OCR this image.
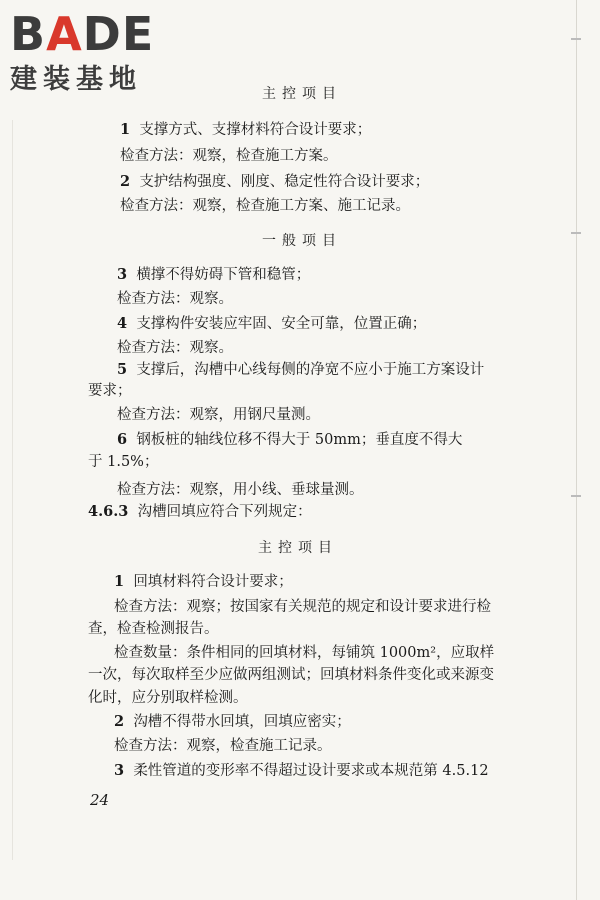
BADE
建装基地	主控项目
1 支撑方式、支撑材料符合设计要求；
检查方法：观察，检查施工方案。
2 支护结构强度、刚度、稳定性符合设计要求；
检查方法：观察，检查施工方案、施工记录。
一般项目
3 横撑不得妨碍下管和稳管；
检查方法：观察。
4 支撑构件安装应牢固、安全可靠，位置正确；
检查方法：观察。
5 支撑后，沟槽中心线每侧的净宽不应小于施工方案设计
要求；
检查方法：观察，用钢尺量测。
6 钢板桩的轴线位移不得大于 50mm；垂直度不得大
于 1.5%；
检查方法：观察，用小线、垂球量测。
4.6.3 沟槽回填应符合下列规定：
主控项目
1 回填材料符合设计要求；
检查方法：观察；按国家有关规范的规定和设计要求进行检
查，检查检测报告。
检查数量：条件相同的回填材料，每铺筑 1000m²，应取样
一次，每次取样至少应做两组测试；回填材料条件变化或来源变
化时，应分别取样检测。
2 沟槽不得带水回填，回填应密实；
检查方法：观察，检查施工记录。
3 柔性管道的变形率不得超过设计要求或本规范第 4.5.12
24
